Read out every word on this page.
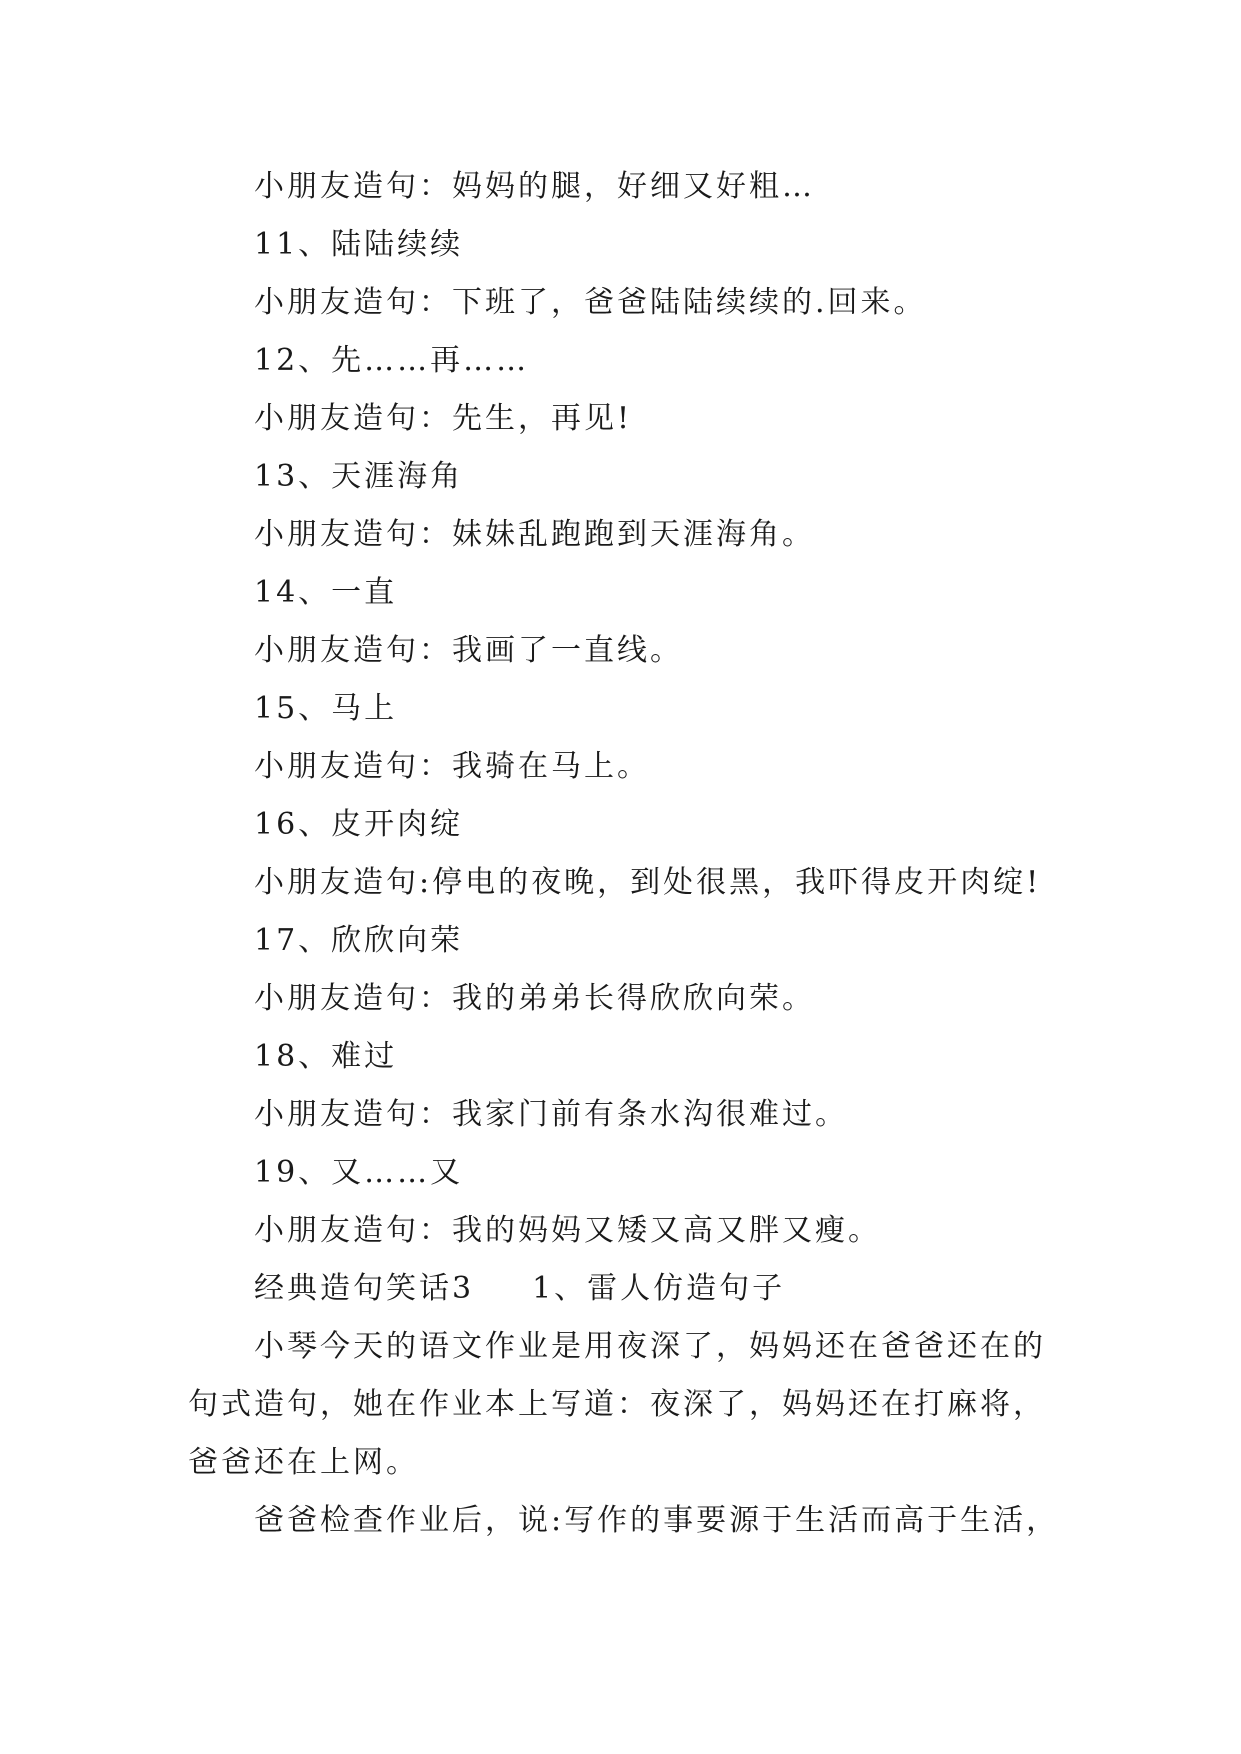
小朋友造句：妈妈的腿，好细又好粗…
11、陆陆续续
小朋友造句：下班了，爸爸陆陆续续的.回来。
12、先……再……
小朋友造句：先生，再见!
13、天涯海角
小朋友造句：妹妹乱跑跑到天涯海角。
14、一直
小朋友造句：我画了一直线。
15、马上
小朋友造句：我骑在马上。
16、皮开肉绽
小朋友造句:停电的夜晚，到处很黑，我吓得皮开肉绽!
17、欣欣向荣
小朋友造句：我的弟弟长得欣欣向荣。
18、难过
小朋友造句：我家门前有条水沟很难过。
19、又……又
小朋友造句：我的妈妈又矮又高又胖又瘦。
经典造句笑话3 1、雷人仿造句子
小琴今天的语文作业是用夜深了，妈妈还在爸爸还在的
句式造句，她在作业本上写道：夜深了，妈妈还在打麻将，
爸爸还在上网。
爸爸检查作业后，说:写作的事要源于生活而高于生活，
